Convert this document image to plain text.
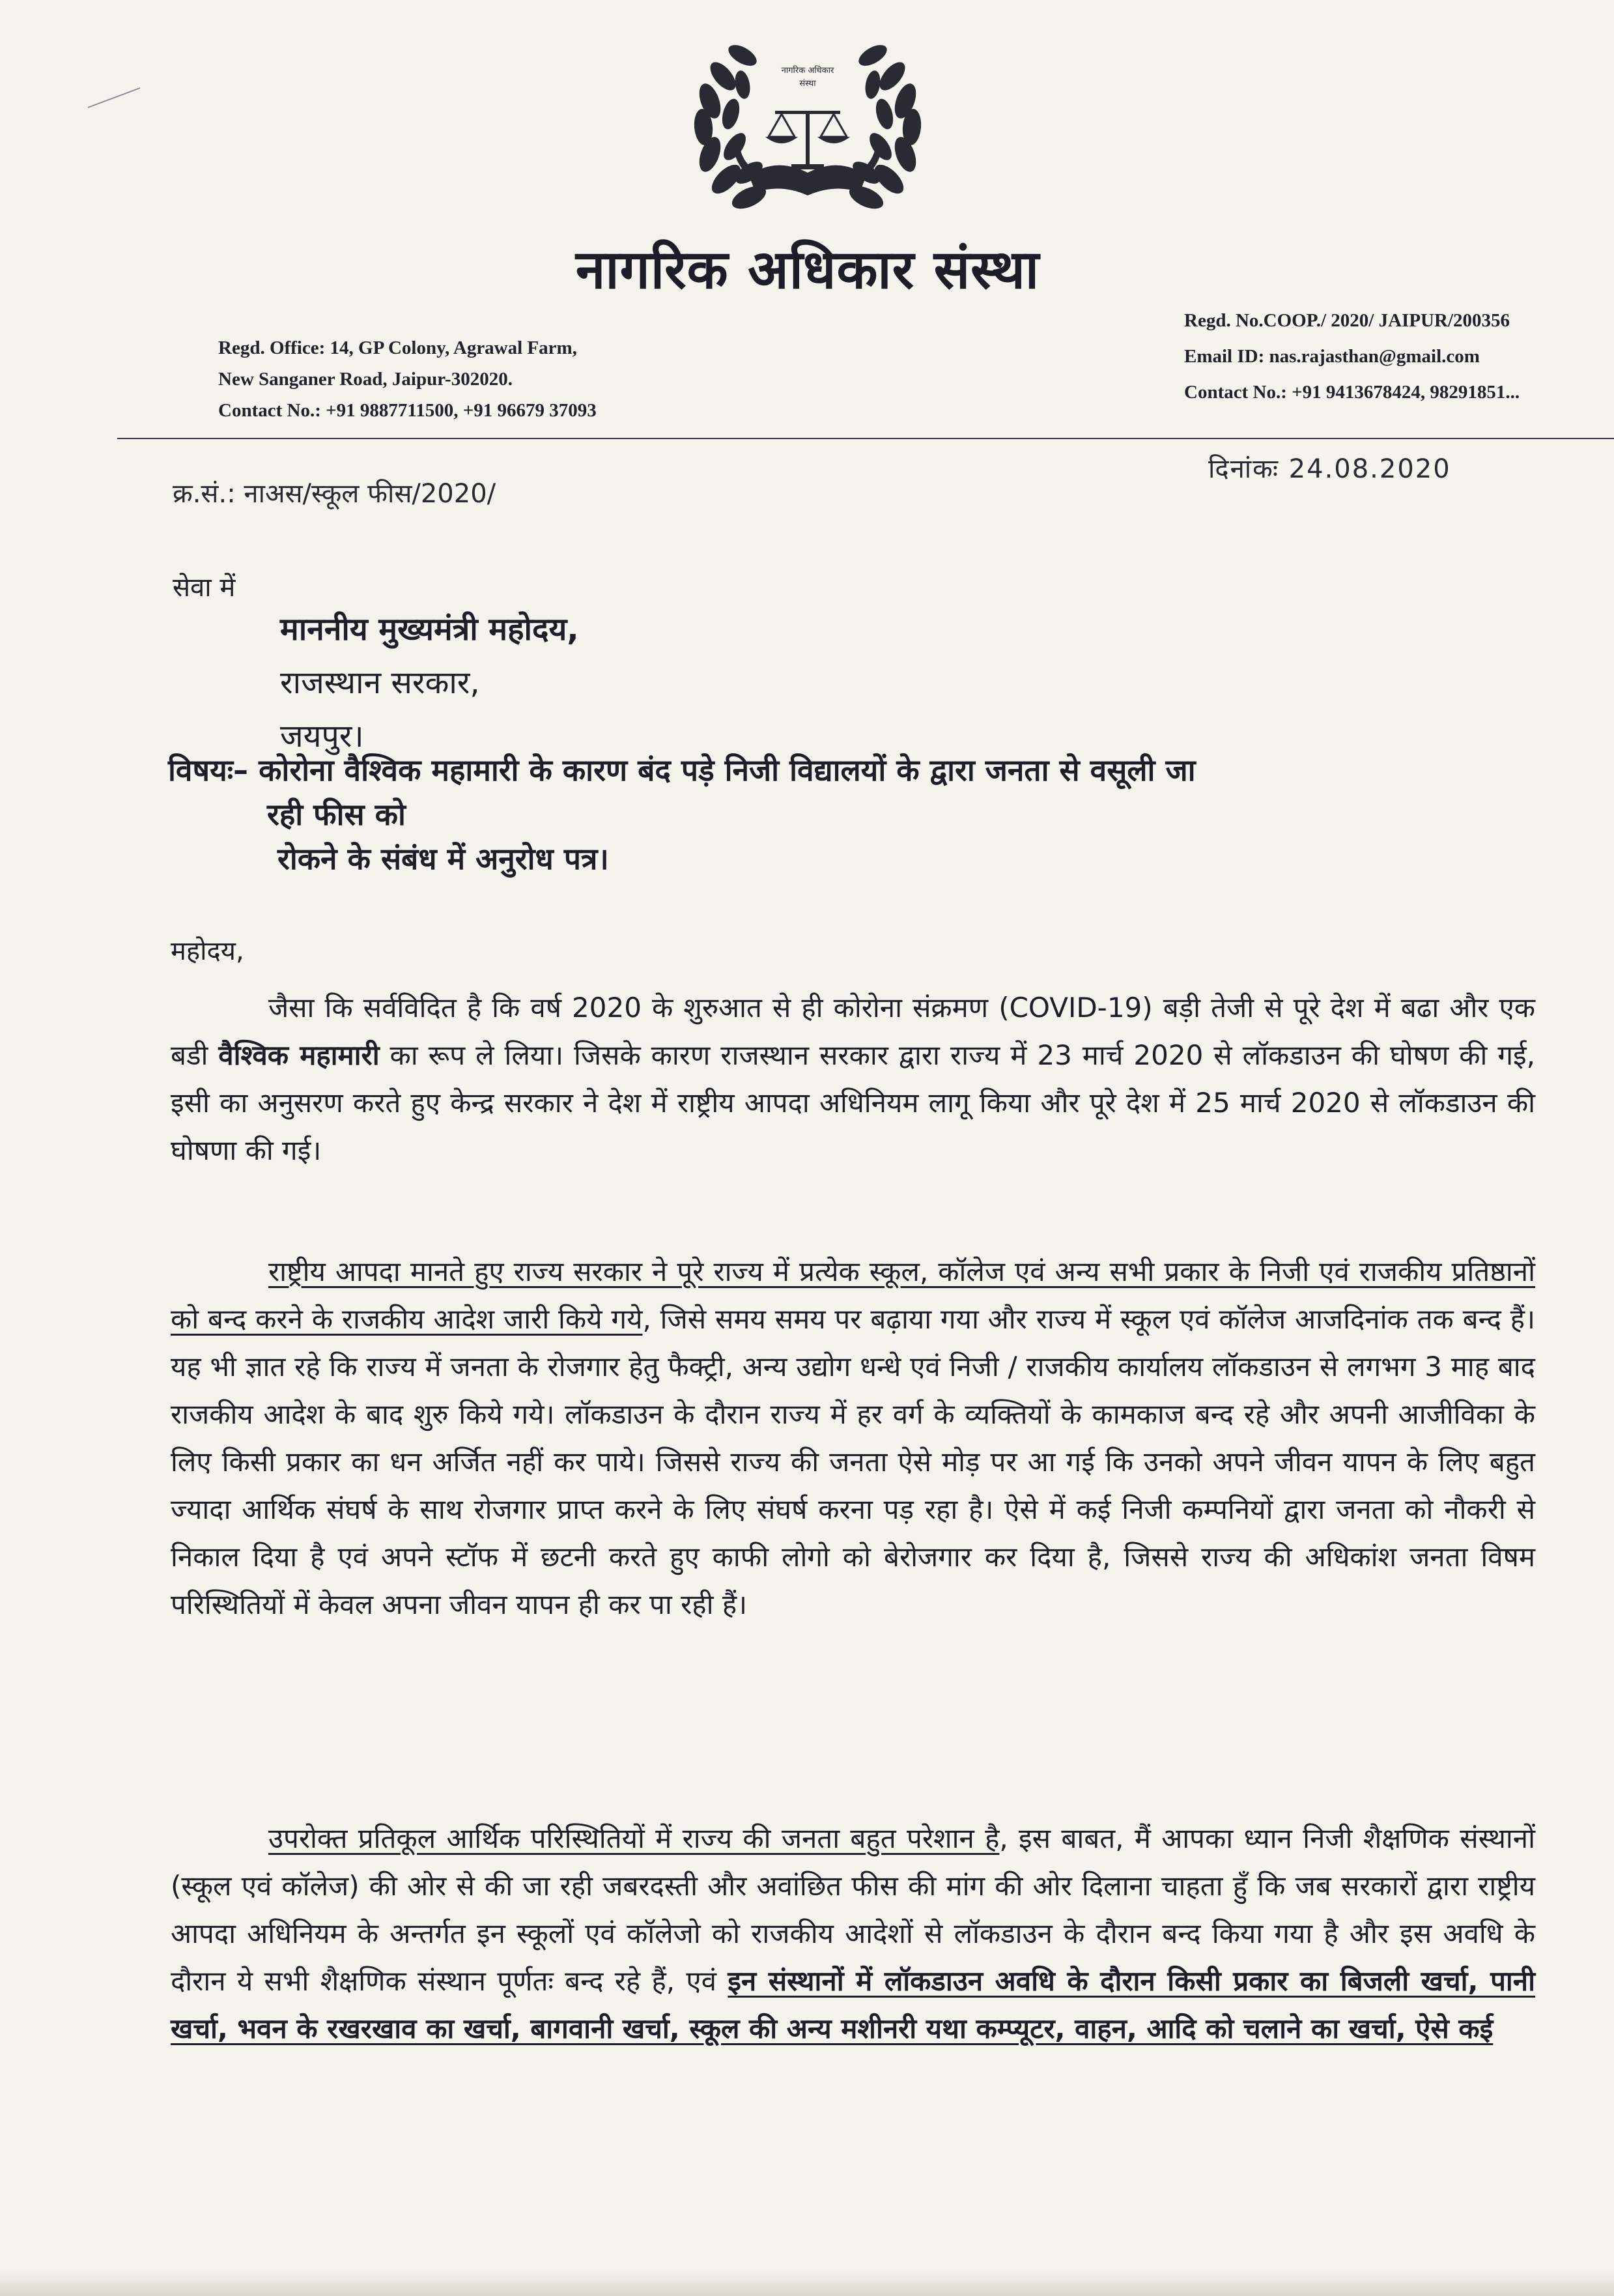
नागरिक अधिकार
संस्था
नागरिक अधिकार संस्था
Regd. Office: 14, GP Colony, Agrawal Farm,
New Sanganer Road, Jaipur-302020.
Contact No.: +91 9887711500, +91 96679 37093
Regd. No.COOP./ 2020/ JAIPUR/200356
Email ID: nas.rajasthan@gmail.com
Contact No.: +91 9413678424, 98291851...
दिनांकः 24.08.2020
क्र.सं.: नाअस/स्कूल फीस/2020/
सेवा में
माननीय मुख्यमंत्री महोदय,
राजस्थान सरकार,
जयपुर।
विषयः– कोरोना वैश्विक महामारी के कारण बंद पड़े निजी विद्यालयों के द्वारा जनता से वसूली जा
रही फीस को
रोकने के संबंध में अनुरोध पत्र।
महोदय,
जैसा कि सर्वविदित है कि वर्ष 2020 के शुरुआत से ही कोरोना संक्रमण (COVID-19) बड़ी तेजी से पूरे देश में बढा और एक बडी वैश्विक महामारी का रूप ले लिया। जिसके कारण राजस्थान सरकार द्वारा राज्य में 23 मार्च 2020 से लॉकडाउन की घोषण की गई, इसी का अनुसरण करते हुए केन्द्र सरकार ने देश में राष्ट्रीय आपदा अधिनियम लागू किया और पूरे देश में 25 मार्च 2020 से लॉकडाउन की घोषणा की गई।
राष्ट्रीय आपदा मानते हुए राज्य सरकार ने पूरे राज्य में प्रत्येक स्कूल, कॉलेज एवं अन्य सभी प्रकार के निजी एवं राजकीय प्रतिष्ठानों को बन्द करने के राजकीय आदेश जारी किये गये, जिसे समय समय पर बढ़ाया गया और राज्य में स्कूल एवं कॉलेज आजदिनांक तक बन्द हैं। यह भी ज्ञात रहे कि राज्य में जनता के रोजगार हेतु फैक्ट्री, अन्य उद्योग धन्धे एवं निजी / राजकीय कार्यालय लॉकडाउन से लगभग 3 माह बाद राजकीय आदेश के बाद शुरु किये गये। लॉकडाउन के दौरान राज्य में हर वर्ग के व्यक्तियों के कामकाज बन्द रहे और अपनी आजीविका के लिए किसी प्रकार का धन अर्जित नहीं कर पाये। जिससे राज्य की जनता ऐसे मोड़ पर आ गई कि उनको अपने जीवन यापन के लिए बहुत ज्यादा आर्थिक संघर्ष के साथ रोजगार प्राप्त करने के लिए संघर्ष करना पड़ रहा है। ऐसे में कई निजी कम्पनियों द्वारा जनता को नौकरी से निकाल दिया है एवं अपने स्टॉफ में छटनी करते हुए काफी लोगो को बेरोजगार कर दिया है, जिससे राज्य की अधिकांश जनता विषम परिस्थितियों में केवल अपना जीवन यापन ही कर पा रही हैं।
उपरोक्त प्रतिकूल आर्थिक परिस्थितियों में राज्य की जनता बहुत परेशान है, इस बाबत, मैं आपका ध्यान निजी शैक्षणिक संस्थानों (स्कूल एवं कॉलेज) की ओर से की जा रही जबरदस्ती और अवांछित फीस की मांग की ओर दिलाना चाहता हुँ कि जब सरकारों द्वारा राष्ट्रीय आपदा अधिनियम के अन्तर्गत इन स्कूलों एवं कॉलेजो को राजकीय आदेशों से लॉकडाउन के दौरान बन्द किया गया है और इस अवधि के दौरान ये सभी शैक्षणिक संस्थान पूर्णतः बन्द रहे हैं, एवं इन संस्थानों में लॉकडाउन अवधि के दौरान किसी प्रकार का बिजली खर्चा, पानी खर्चा, भवन के रखरखाव का खर्चा, बागवानी खर्चा, स्कूल की अन्य मशीनरी यथा कम्प्यूटर, वाहन, आदि को चलाने का खर्चा, ऐसे कई
